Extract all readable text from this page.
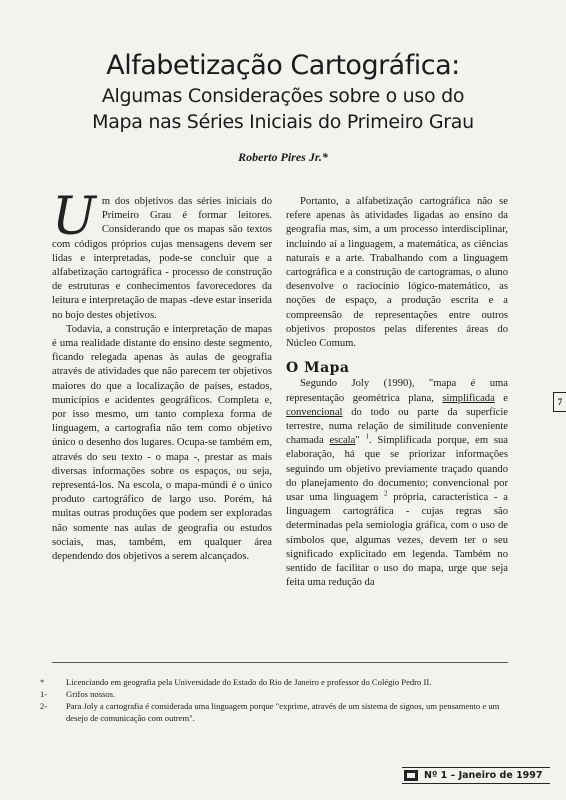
Alfabetização Cartográfica:
Algumas Considerações sobre o uso do
Mapa nas Séries Iniciais do Primeiro Grau
Roberto Pires Jr.*

Um dos objetivos das séries iniciais do Primeiro Grau é formar leitores. Considerando que os mapas são textos com códigos próprios cujas mensagens devem ser lidas e interpretadas, pode-se concluir que a alfabetização cartográfica - processo de construção de estruturas e conhecimentos favorecedores da leitura e interpretação de mapas -deve estar inserida no bojo destes objetivos.

Todavia, a construção e interpretação de mapas é uma realidade distante do ensino deste segmento, ficando relegada apenas às aulas de geografia através de atividades que não parecem ter objetivos maiores do que a localização de países, estados, municípios e acidentes geográficos. Completa e, por isso mesmo, um tanto complexa forma de linguagem, a cartografia não tem como objetivo único o desenho dos lugares. Ocupa-se também em, através do seu texto - o mapa -, prestar as mais diversas informações sobre os espaços, ou seja, representá-los. Na escola, o mapa-múndi é o único produto cartográfico de largo uso. Porém, há muitas outras produções que podem ser exploradas não somente nas aulas de geografia ou estudos sociais, mas, também, em qualquer área dependendo dos objetivos a serem alcançados.

Portanto, a alfabetização cartográfica não se refere apenas às atividades ligadas ao ensino da geografia mas, sim, a um processo interdisciplinar, incluindo aí a linguagem, a matemática, as ciências naturais e a arte. Trabalhando com a linguagem cartográfica e a construção de cartogramas, o aluno desenvolve o raciocínio lógico-matemático, as noções de espaço, a produção escrita e a compreensão de representações entre outros objetivos propostos pelas diferentes áreas do Núcleo Comum.

O Mapa

Segundo Joly (1990), "mapa é uma representação geométrica plana, simplificada e convencional do todo ou parte da superfície terrestre, numa relação de similitude conveniente chamada escala" $^1$. Simplificada porque, em sua elaboração, há que se priorizar informações seguindo um objetivo previamente traçado quando do planejamento do documento; convencional por usar uma linguagem $^2$ própria, característica - a linguagem cartográfica - cujas regras são determinadas pela semiologia gráfica, com o uso de símbolos que, algumas vezes, devem ter o seu significado explicitado em legenda. Também no sentido de facilitar o uso do mapa, urge que seja feita uma redução da

*	Licenciando em geografia pela Universidade do Estado do Rio de Janeiro e professor do Colégio Pedro II.
1-	Grifos nossos.
2-	Para Joly a cartografia é considerada uma linguagem porque "exprime, através de um sistema de signos, um pensamento e um desejo de comunicação com outrem".
7
Nº 1 – Janeiro de 1997
